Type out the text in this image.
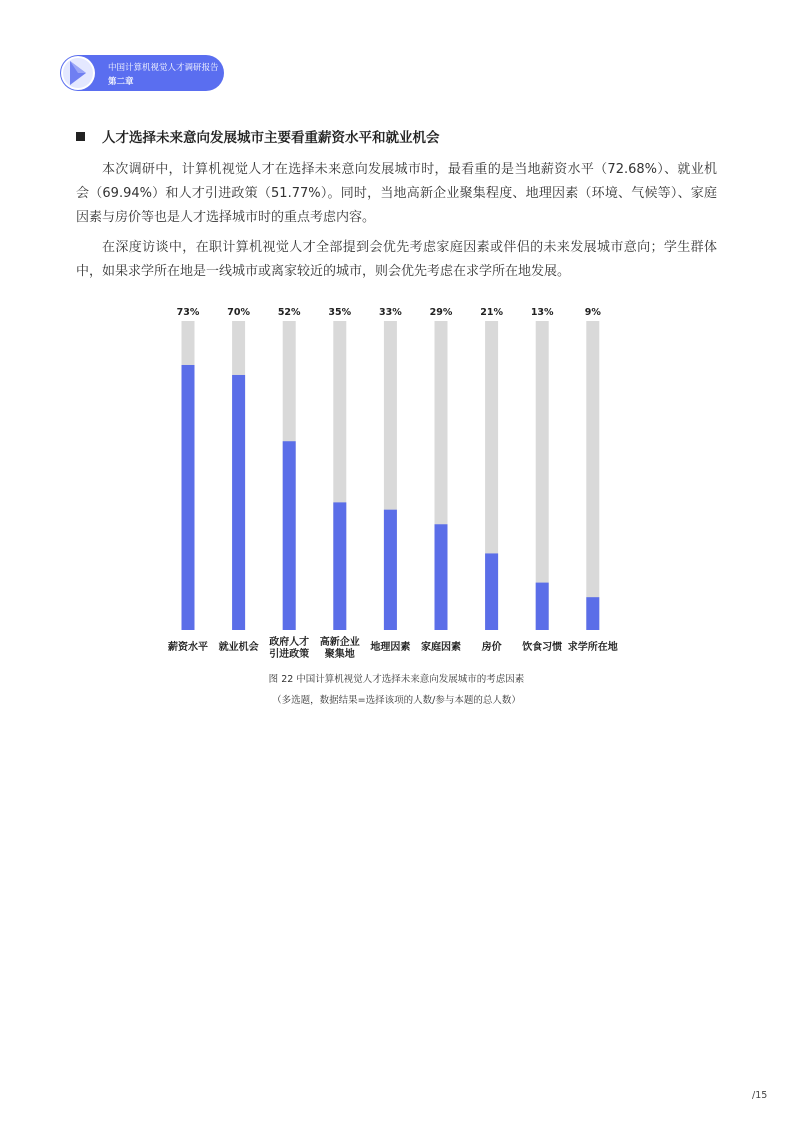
中国计算机视觉人才调研报告
第二章
人才选择未来意向发展城市主要看重薪资水平和就业机会

本次调研中，计算机视觉人才在选择未来意向发展城市时，最看重的是当地薪资水平（72.68%）、就业机会（69.94%）和人才引进政策（51.77%）。同时，当地高新企业聚集程度、地理因素（环境、气候等）、家庭因素与房价等也是人才选择城市时的重点考虑内容。

在深度访谈中，在职计算机视觉人才全部提到会优先考虑家庭因素或伴侣的未来发展城市意向；学生群体中，如果求学所在地是一线城市或离家较近的城市，则会优先考虑在求学所在地发展。

73%
薪资水平
70%
就业机会
52%
政府人才
引进政策
35%
高新企业
聚集地
33%
地理因素
29%
家庭因素
21%
房价
13%
饮食习惯
9%
求学所在地
图 22 中国计算机视觉人才选择未来意向发展城市的考虑因素
（多选题，数据结果=选择该项的人数/参与本题的总人数）
/15
